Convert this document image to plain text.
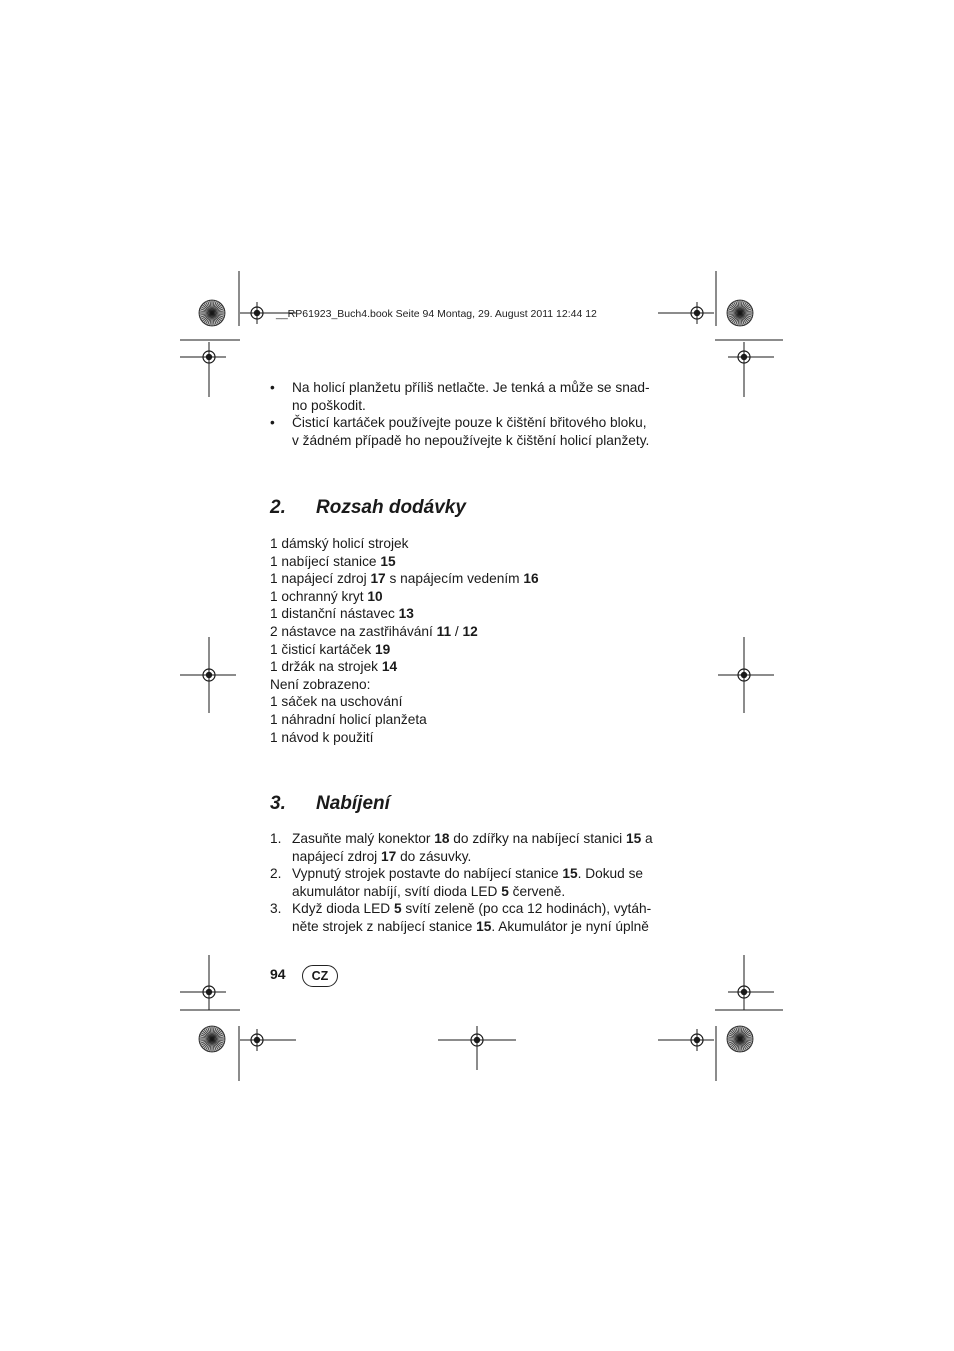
__RP61923_Buch4.book Seite 94 Montag, 29. August 2011 12:44 12
• Na holicí planžetu příliš netlačte. Je tenká a může se snad-
no poškodit.
• Čisticí kartáček používejte pouze k čištění břitového bloku,
v žádném případě ho nepoužívejte k čištění holicí planžety.
2. Rozsah dodávky
1 dámský holicí strojek
1 nabíjecí stanice 15
1 napájecí zdroj 17 s napájecím vedením 16
1 ochranný kryt 10
1 distanční nástavec 13
2 nástavce na zastřihávání 11 / 12
1 čisticí kartáček 19
1 držák na strojek 14
Není zobrazeno:
1 sáček na uschování
1 náhradní holicí planžeta
1 návod k použití
3. Nabíjení
1. Zasuňte malý konektor 18 do zdířky na nabíjecí stanici 15 a
napájecí zdroj 17 do zásuvky.
2. Vypnutý strojek postavte do nabíjecí stanice 15. Dokud se
akumulátor nabíjí, svítí dioda LED 5 červeně.
3. Když dioda LED 5 svítí zeleně (po cca 12 hodinách), vytáh-
něte strojek z nabíjecí stanice 15. Akumulátor je nyní úplně
94	CZ
